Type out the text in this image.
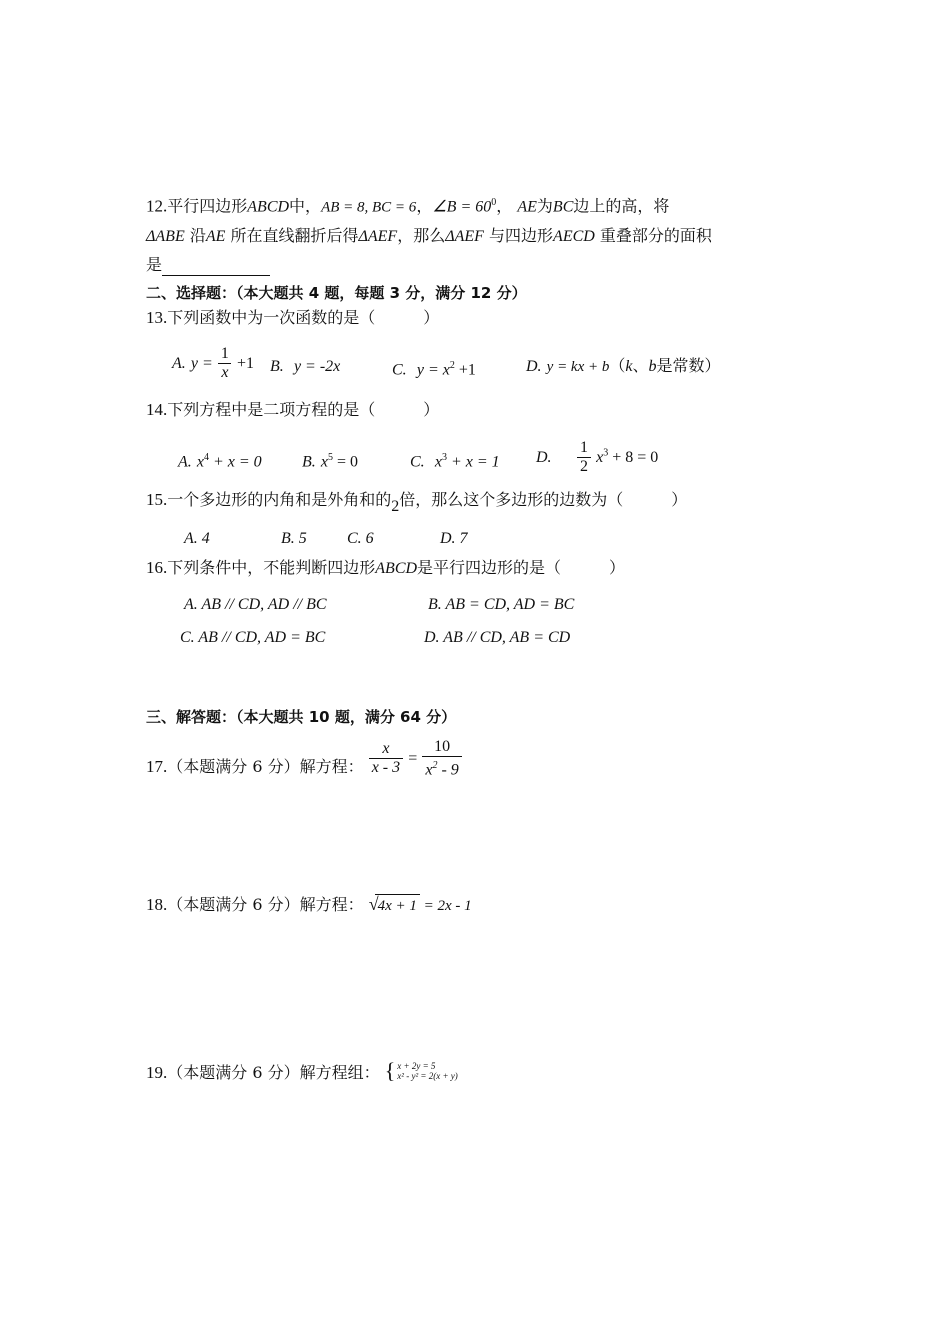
12.平行四边形ABCD中，AB = 8, BC = 6，∠B = $60^0$， AE为BC边上的高，将
ΔABE 沿AE 所在直线翻折后得ΔAEF，那么ΔAEF 与四边形AECD 重叠部分的面积
是
二、选择题：（本大题共 4 题，每题 3 分，满分 12 分）
13.下列函数中为一次函数的是（　　　）
A. $y = \frac{1}{x} +1$ B. y = -2x	C. $y = x^2 +1$	D. y = kx + b（k、b是常数）
14.下列方程中是二项方程的是（　　　）
A. $x^4 + x = 0$	B. $x^5 = 0$	C. $x^3 + x = 1$ D. $\frac{1}{2} x^3 + 8 = 0$
15.一个多边形的内角和是外角和的2倍，那么这个多边形的边数为（　　　）
A. 4	B. 5	C. 6	D. 7
16.下列条件中，不能判断四边形ABCD是平行四边形的是（　　　）
A. AB // CD, AD // BC	B. AB = CD, AD = BC
C. AB // CD, AD = BC	D. AB // CD, AB = CD
三、解答题：（本大题共 10 题，满分 64 分）
17.（本题满分 6 分）解方程： $\frac{x}{x - 3} = \frac{10}{x^2 - 9}$
18.（本题满分 6 分）解方程： √4x + 1 = 2x - 1
19.（本题满分 6 分）解方程组： { x + 2y = 5
x² - y² = 2(x + y)
